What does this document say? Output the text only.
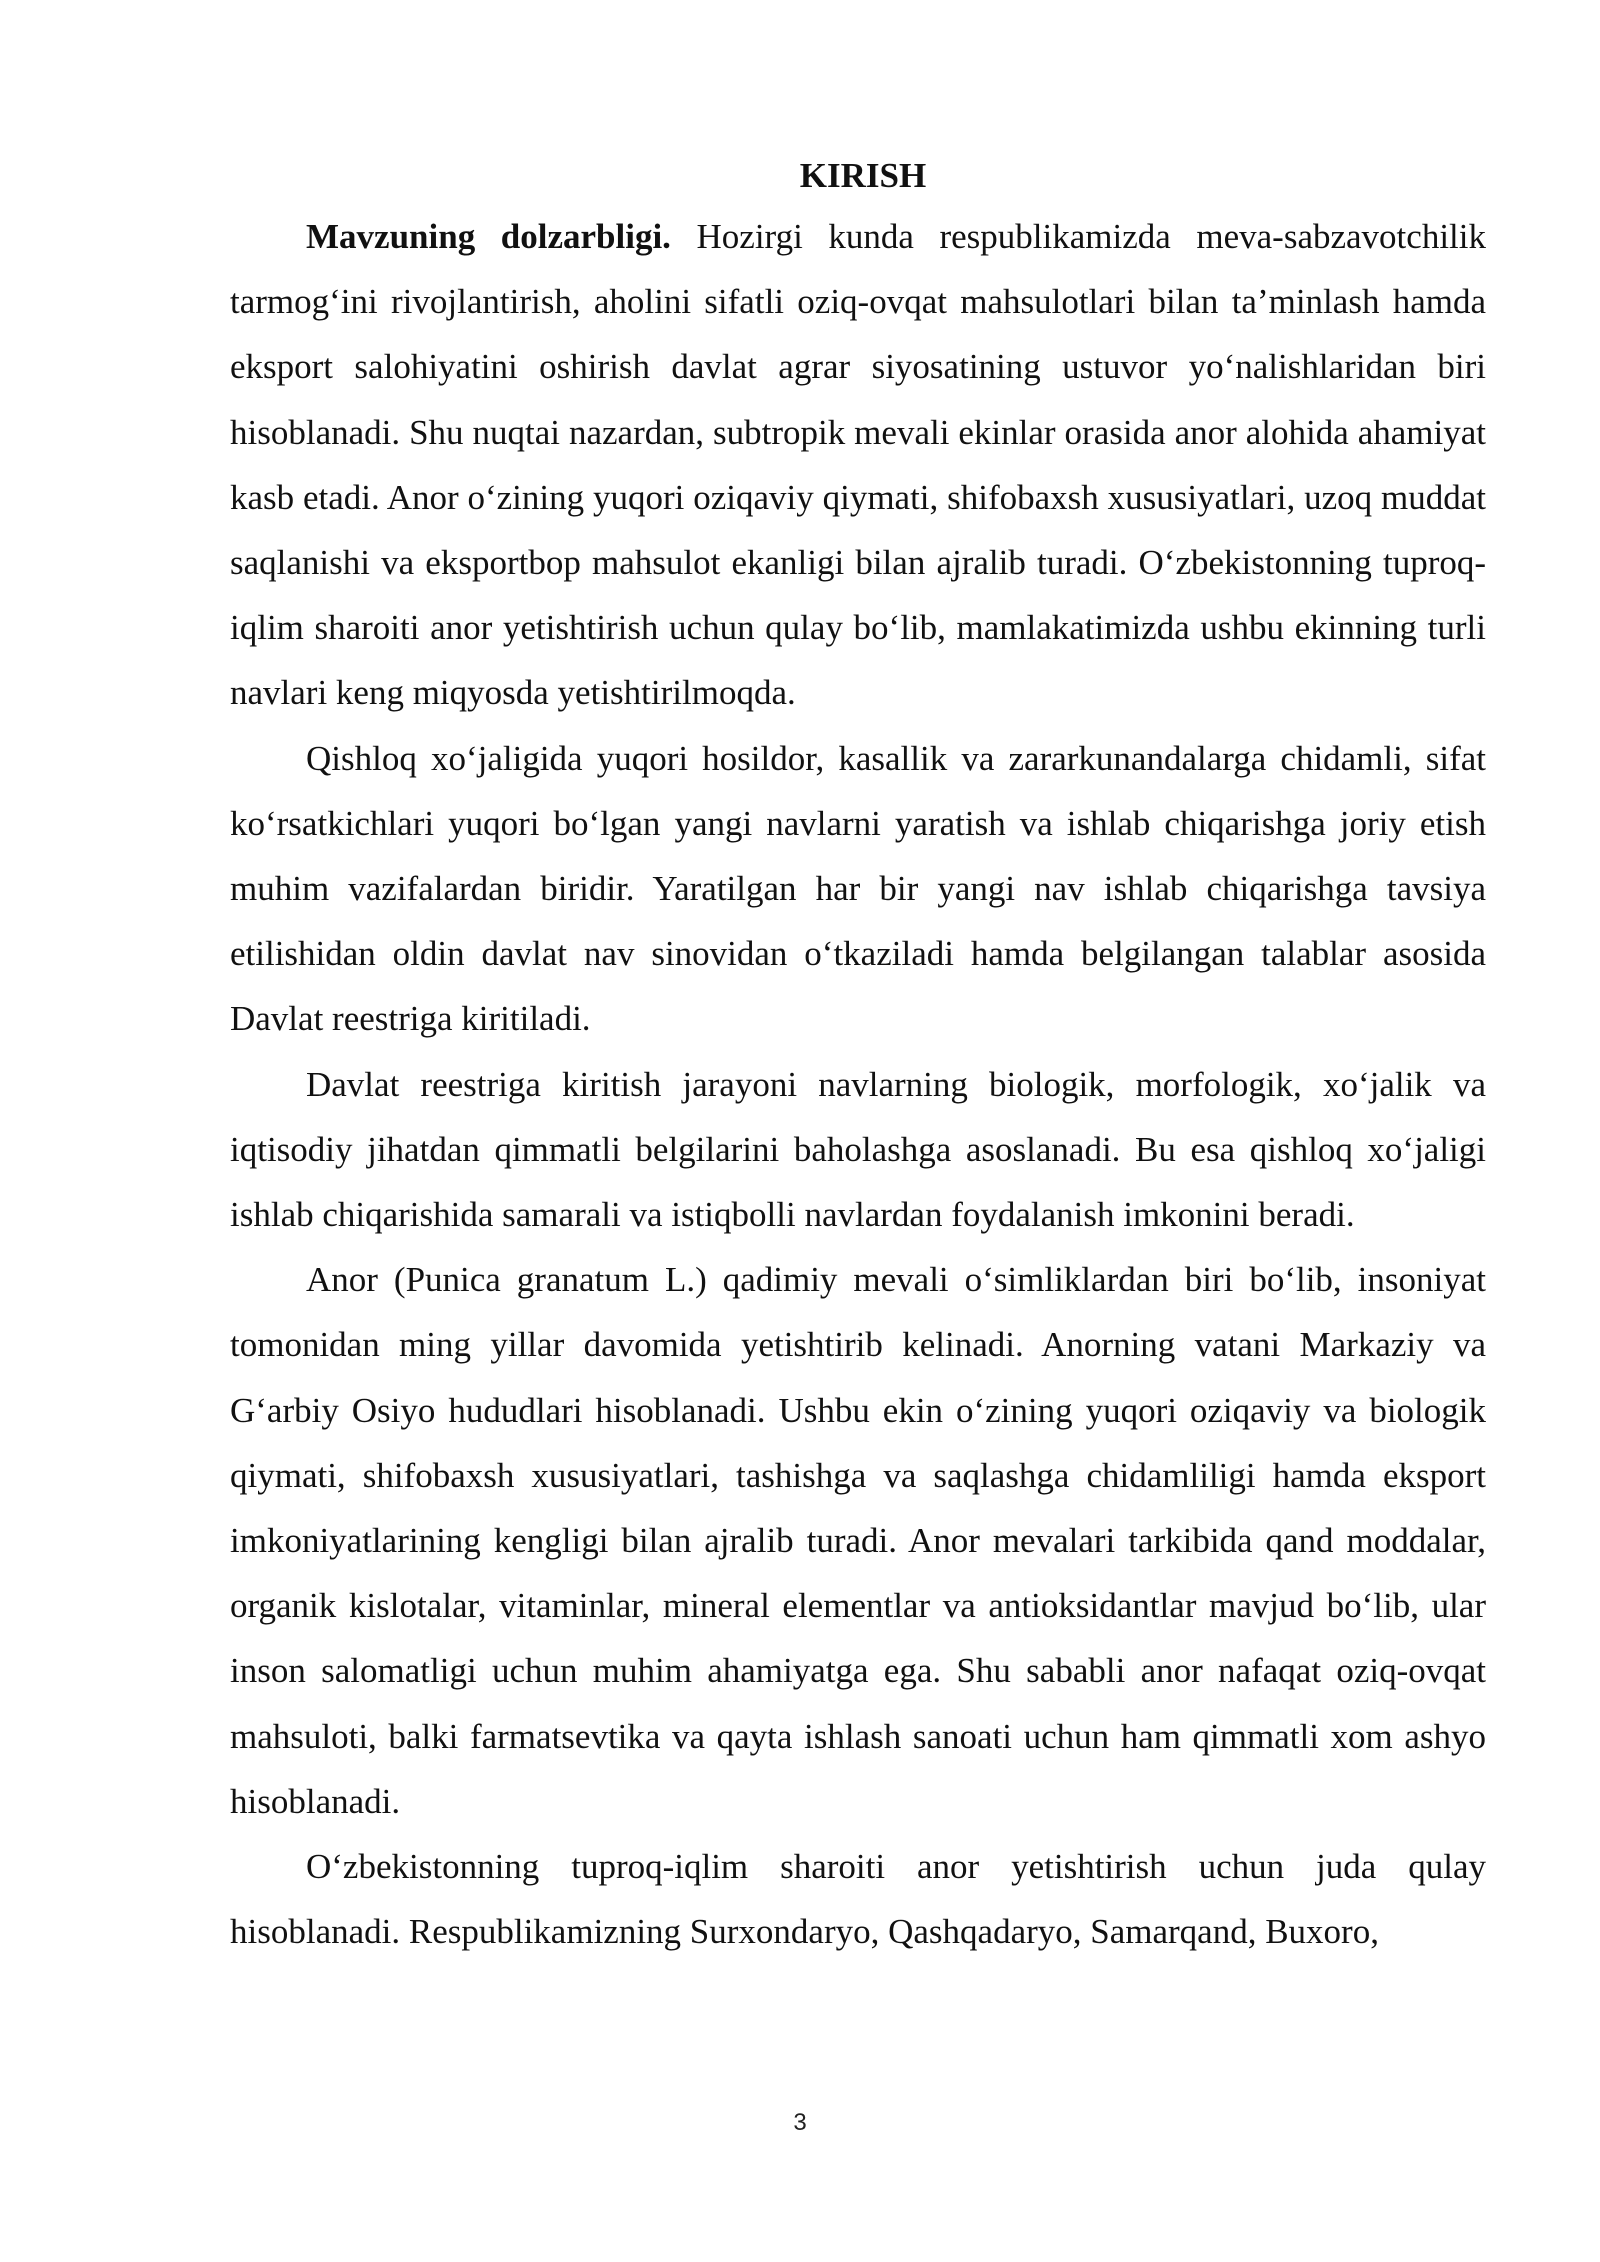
KIRISH

Mavzuning dolzarbligi. Hozirgi kunda respublikamizda meva-sabzavotchilik tarmog‘ini rivojlantirish, aholini sifatli oziq-ovqat mahsulotlari bilan ta’minlash hamda eksport salohiyatini oshirish davlat agrar siyosatining ustuvor yo‘nalishlaridan biri hisoblanadi. Shu nuqtai nazardan, subtropik mevali ekinlar orasida anor alohida ahamiyat kasb etadi. Anor o‘zining yuqori oziqaviy qiymati, shifobaxsh xususiyatlari, uzoq muddat saqlanishi va eksportbop mahsulot ekanligi bilan ajralib turadi. O‘zbekistonning tuproq-iqlim sharoiti anor yetishtirish uchun qulay bo‘lib, mamlakatimizda ushbu ekinning turli navlari keng miqyosda yetishtirilmoqda.

Qishloq xo‘jaligida yuqori hosildor, kasallik va zararkunandalarga chidamli, sifat ko‘rsatkichlari yuqori bo‘lgan yangi navlarni yaratish va ishlab chiqarishga joriy etish muhim vazifalardan biridir. Yaratilgan har bir yangi nav ishlab chiqarishga tavsiya etilishidan oldin davlat nav sinovidan o‘tkaziladi hamda belgilangan talablar asosida Davlat reestriga kiritiladi.

Davlat reestriga kiritish jarayoni navlarning biologik, morfologik, xo‘jalik va iqtisodiy jihatdan qimmatli belgilarini baholashga asoslanadi. Bu esa qishloq xo‘jaligi ishlab chiqarishida samarali va istiqbolli navlardan foydalanish imkonini beradi.

Anor (Punica granatum L.) qadimiy mevali o‘simliklardan biri bo‘lib, insoniyat tomonidan ming yillar davomida yetishtirib kelinadi. Anorning vatani Markaziy va G‘arbiy Osiyo hududlari hisoblanadi. Ushbu ekin o‘zining yuqori oziqaviy va biologik qiymati, shifobaxsh xususiyatlari, tashishga va saqlashga chidamliligi hamda eksport imkoniyatlarining kengligi bilan ajralib turadi. Anor mevalari tarkibida qand moddalar, organik kislotalar, vitaminlar, mineral elementlar va antioksidantlar mavjud bo‘lib, ular inson salomatligi uchun muhim ahamiyatga ega. Shu sababli anor nafaqat oziq-ovqat mahsuloti, balki farmatsevtika va qayta ishlash sanoati uchun ham qimmatli xom ashyo hisoblanadi.

O‘zbekistonning tuproq-iqlim sharoiti anor yetishtirish uchun juda qulay hisoblanadi. Respublikamizning Surxondaryo, Qashqadaryo, Samarqand, Buxoro,

3
